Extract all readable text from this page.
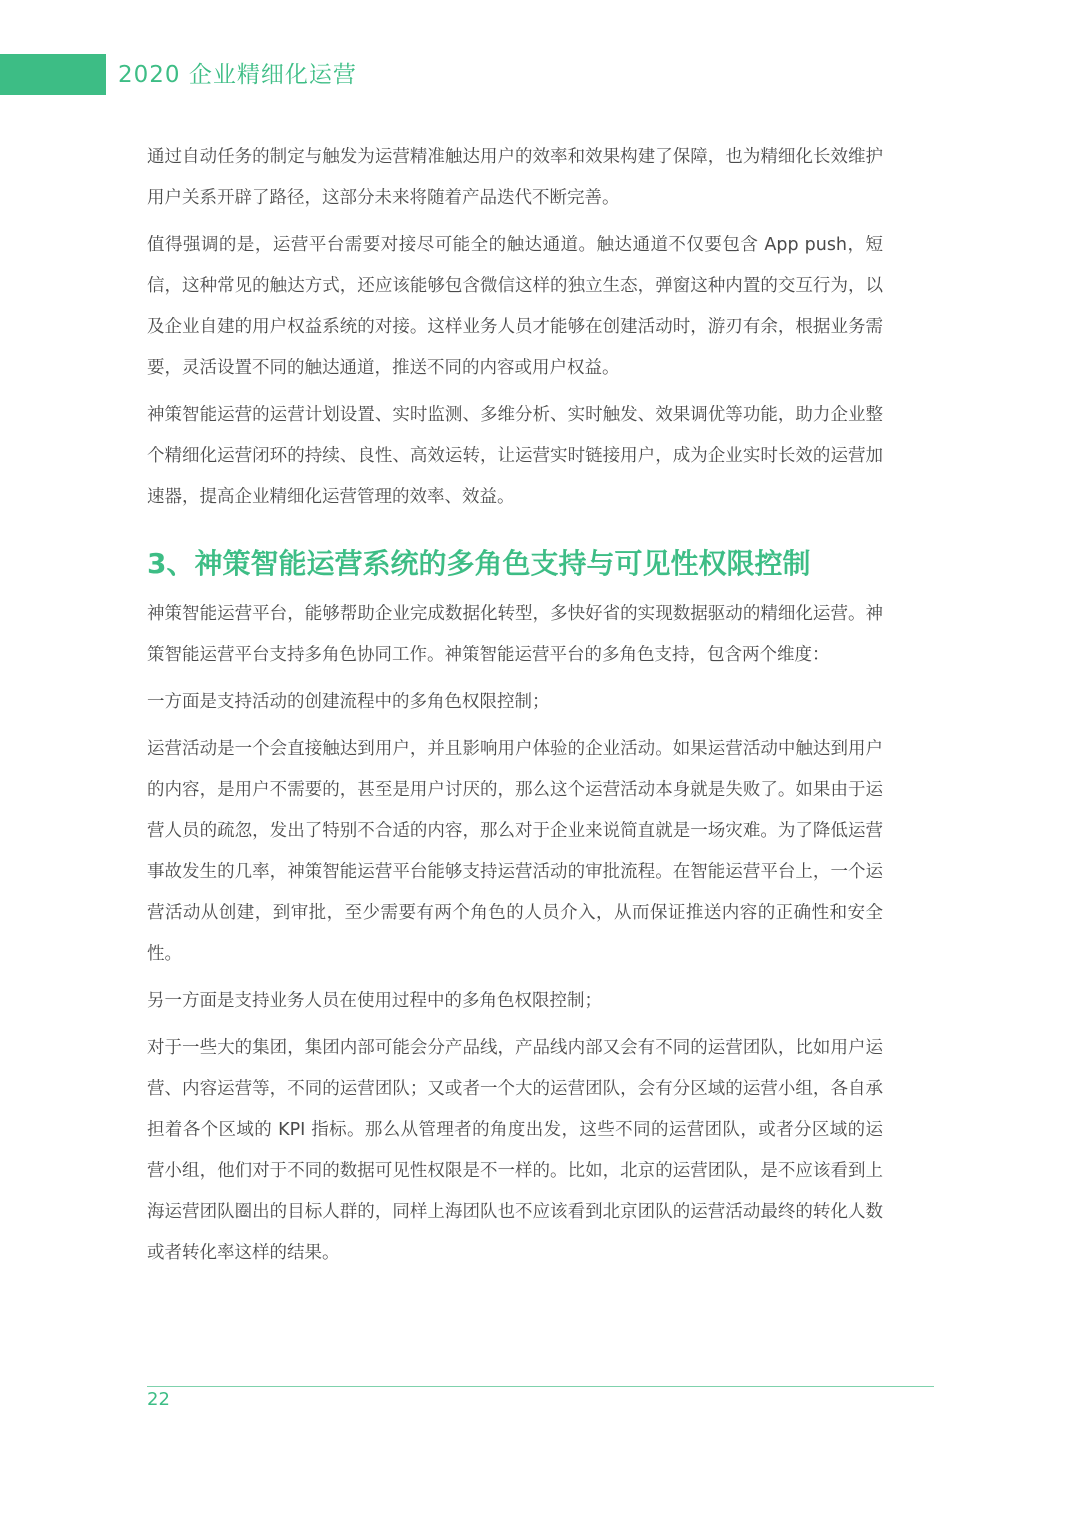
2020 企业精细化运营

通过自动任务的制定与触发为运营精准触达用户的效率和效果构建了保障，也为精细化长效维护用户关系开辟了路径，这部分未来将随着产品迭代不断完善。

值得强调的是，运营平台需要对接尽可能全的触达通道。触达通道不仅要包含 App push，短信，这种常见的触达方式，还应该能够包含微信这样的独立生态，弹窗这种内置的交互行为，以及企业自建的用户权益系统的对接。这样业务人员才能够在创建活动时，游刃有余，根据业务需要，灵活设置不同的触达通道，推送不同的内容或用户权益。

神策智能运营的运营计划设置、实时监测、多维分析、实时触发、效果调优等功能，助力企业整个精细化运营闭环的持续、良性、高效运转，让运营实时链接用户，成为企业实时长效的运营加速器，提高企业精细化运营管理的效率、效益。

3、神策智能运营系统的多角色支持与可见性权限控制

神策智能运营平台，能够帮助企业完成数据化转型，多快好省的实现数据驱动的精细化运营。神策智能运营平台支持多角色协同工作。神策智能运营平台的多角色支持，包含两个维度：

一方面是支持活动的创建流程中的多角色权限控制；

运营活动是一个会直接触达到用户，并且影响用户体验的企业活动。如果运营活动中触达到用户的内容，是用户不需要的，甚至是用户讨厌的，那么这个运营活动本身就是失败了。如果由于运营人员的疏忽，发出了特别不合适的内容，那么对于企业来说简直就是一场灾难。为了降低运营事故发生的几率，神策智能运营平台能够支持运营活动的审批流程。在智能运营平台上，一个运营活动从创建，到审批，至少需要有两个角色的人员介入，从而保证推送内容的正确性和安全性。

另一方面是支持业务人员在使用过程中的多角色权限控制；

对于一些大的集团，集团内部可能会分产品线，产品线内部又会有不同的运营团队，比如用户运营、内容运营等，不同的运营团队；又或者一个大的运营团队，会有分区域的运营小组，各自承担着各个区域的 KPI 指标。那么从管理者的角度出发，这些不同的运营团队，或者分区域的运营小组，他们对于不同的数据可见性权限是不一样的。比如，北京的运营团队，是不应该看到上海运营团队圈出的目标人群的，同样上海团队也不应该看到北京团队的运营活动最终的转化人数或者转化率这样的结果。

22
